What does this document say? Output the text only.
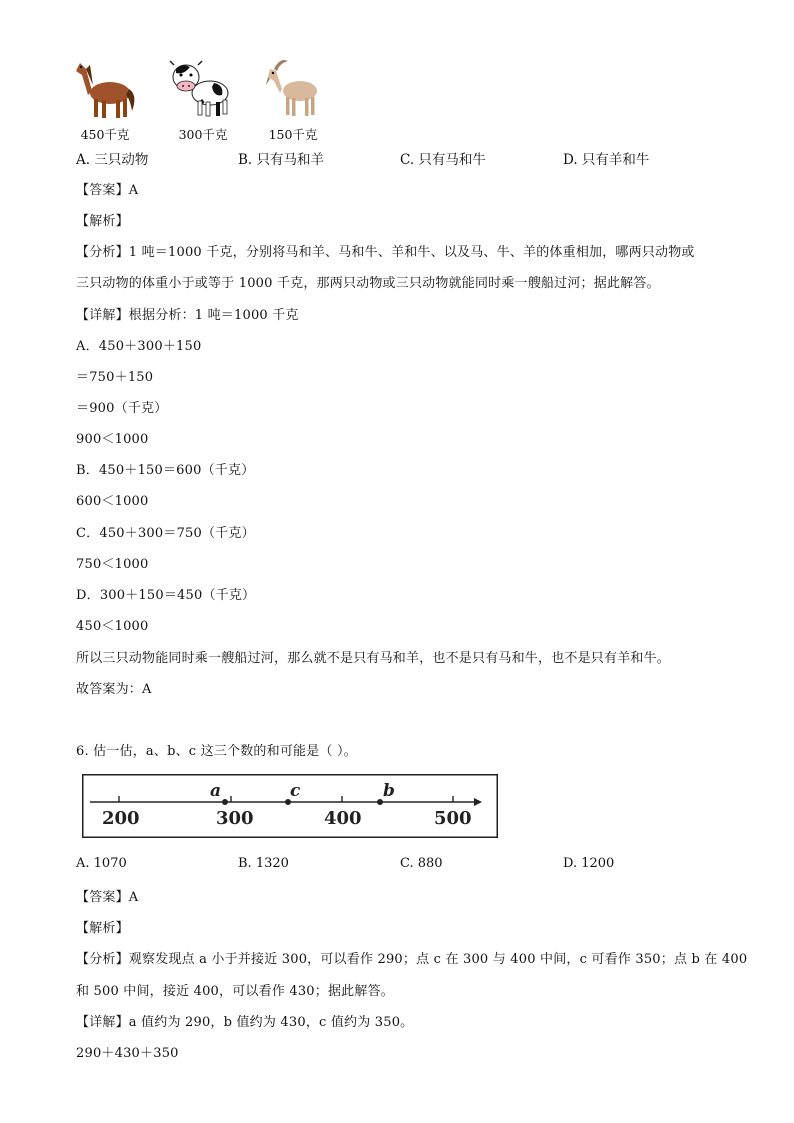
450千克	300千克	150千克
A. 三只动物	B. 只有马和羊	C. 只有马和牛	D. 只有羊和牛
【答案】A
【解析】
【分析】1 吨＝1000 千克，分别将马和羊、马和牛、羊和牛、以及马、牛、羊的体重相加，哪两只动物或
三只动物的体重小于或等于 1000 千克，那两只动物或三只动物就能同时乘一艘船过河；据此解答。
【详解】根据分析：1 吨＝1000 千克
A．450＋300＋150
＝750＋150
＝900（千克）
900＜1000
B．450＋150＝600（千克）
600＜1000
C．450＋300＝750（千克）
750＜1000
D．300＋150＝450（千克）
450＜1000
所以三只动物能同时乘一艘船过河，那么就不是只有马和羊，也不是只有马和牛，也不是只有羊和牛。
故答案为：A
6. 估一估，a、b、c 这三个数的和可能是（ ）。
200	300	400	500
a	c	b
A. 1070	B. 1320	C. 880	D. 1200
【答案】A
【解析】
【分析】观察发现点 a 小于并接近 300，可以看作 290；点 c 在 300 与 400 中间，c 可看作 350；点 b 在 400
和 500 中间，接近 400，可以看作 430；据此解答。
【详解】a 值约为 290，b 值约为 430，c 值约为 350。
290＋430＋350
